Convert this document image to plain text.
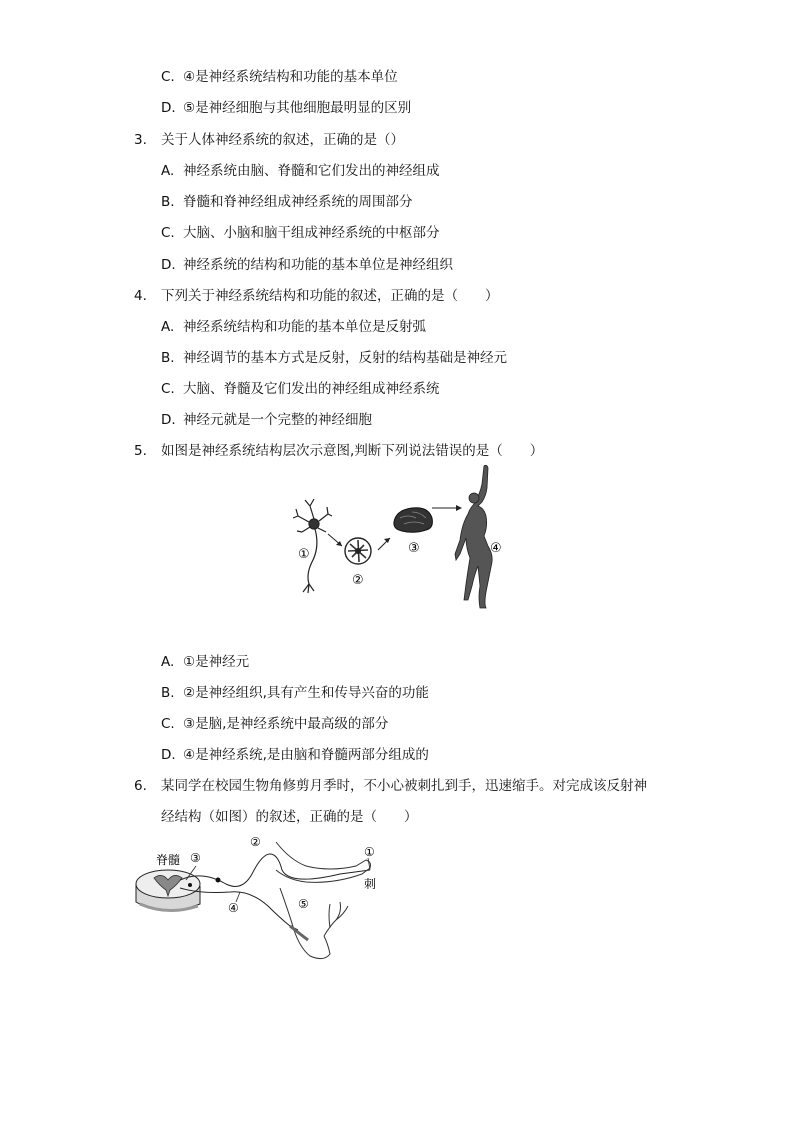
C. ④是神经系统结构和功能的基本单位
D. ⑤是神经细胞与其他细胞最明显的区别
3. 关于人体神经系统的叙述，正确的是（）
A. 神经系统由脑、脊髓和它们发出的神经组成
B. 脊髓和脊神经组成神经系统的周围部分
C. 大脑、小脑和脑干组成神经系统的中枢部分
D. 神经系统的结构和功能的基本单位是神经组织
4. 下列关于神经系统结构和功能的叙述，正确的是（　　）
A. 神经系统结构和功能的基本单位是反射弧
B. 神经调节的基本方式是反射，反射的结构基础是神经元
C. 大脑、脊髓及它们发出的神经组成神经系统
D. 神经元就是一个完整的神经细胞
5. 如图是神经系统结构层次示意图,判断下列说法错误的是（　　）
①
②
③	④
A. ①是神经元
B. ②是神经组织,具有产生和传导兴奋的功能
C. ③是脑,是神经系统中最高级的部分
D. ④是神经系统,是由脑和脊髓两部分组成的
6. 某同学在校园生物角修剪月季时，不小心被刺扎到手，迅速缩手。对完成该反射神
经结构（如图）的叙述，正确的是（　　）
脊髓 ③
②
④	⑤
①
刺
